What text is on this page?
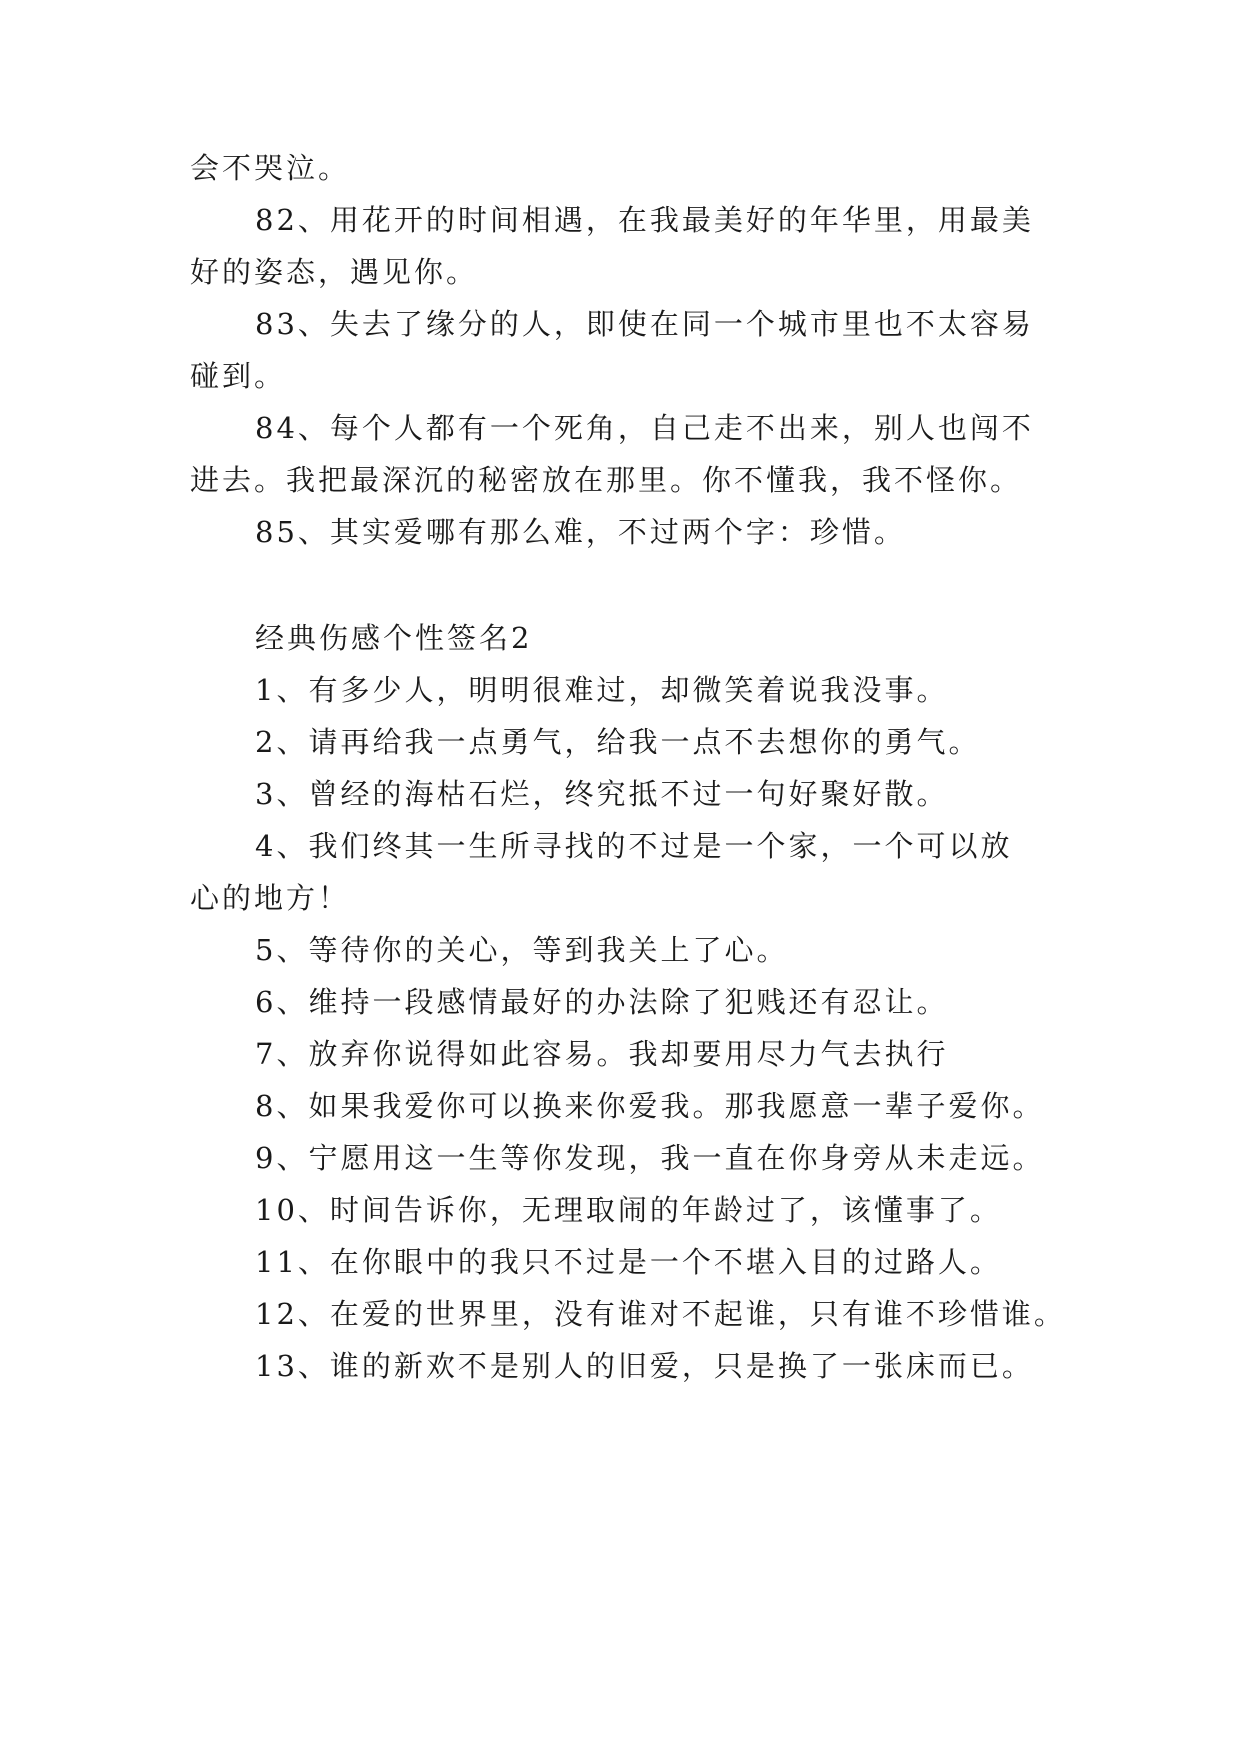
会不哭泣。
82、用花开的时间相遇，在我最美好的年华里，用最美
好的姿态，遇见你。
83、失去了缘分的人，即使在同一个城市里也不太容易
碰到。
84、每个人都有一个死角，自己走不出来，别人也闯不
进去。我把最深沉的秘密放在那里。你不懂我，我不怪你。
85、其实爱哪有那么难，不过两个字：珍惜。
经典伤感个性签名2
1、有多少人，明明很难过，却微笑着说我没事。
2、请再给我一点勇气，给我一点不去想你的勇气。
3、曾经的海枯石烂，终究抵不过一句好聚好散。
4、我们终其一生所寻找的不过是一个家，一个可以放
心的地方！
5、等待你的关心，等到我关上了心。
6、维持一段感情最好的办法除了犯贱还有忍让。
7、放弃你说得如此容易。我却要用尽力气去执行
8、如果我爱你可以换来你爱我。那我愿意一辈子爱你。
9、宁愿用这一生等你发现，我一直在你身旁从未走远。
10、时间告诉你，无理取闹的年龄过了，该懂事了。
11、在你眼中的我只不过是一个不堪入目的过路人。
12、在爱的世界里，没有谁对不起谁，只有谁不珍惜谁。
13、谁的新欢不是别人的旧爱，只是换了一张床而已。
